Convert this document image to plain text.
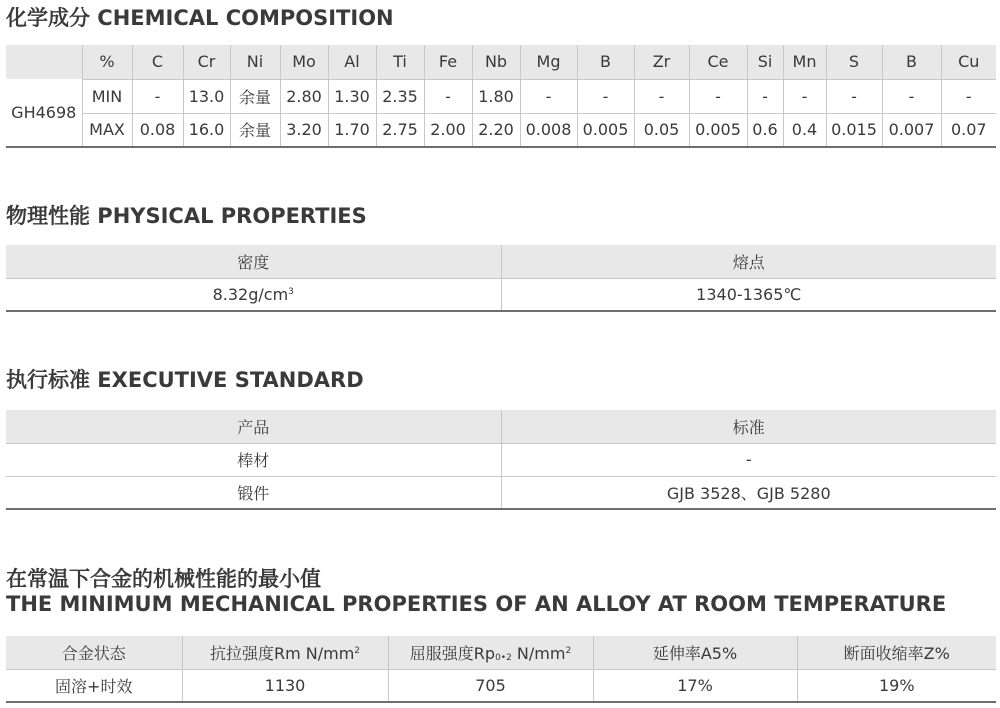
化学成分 CHEMICAL COMPOSITION
	%	C	Cr	Ni	Mo	Al	Ti	Fe	Nb	Mg	B	Zr	Ce	Si	Mn	S	B	Cu
GH4698	MIN	-	13.0	余量	2.80	1.30	2.35	-	1.80	-	-	-	-	-	-	-	-	-
	MAX	0.08	16.0	余量	3.20	1.70	2.75	2.00	2.20	0.008	0.005	0.05	0.005	0.6	0.4	0.015	0.007	0.07
物理性能 PHYSICAL PROPERTIES
密度	熔点
$8.32g/cm^3$	1340-1365℃
执行标准 EXECUTIVE STANDARD
产品	标准
棒材	-
锻件	GJB 3528、GJB 5280
在常温下合金的机械性能的最小值
THE MINIMUM MECHANICAL PROPERTIES OF AN ALLOY AT ROOM TEMPERATURE
合金状态	抗拉强度Rm $N/mm^2$	屈服强度$Rp_{0•2}$ $N/mm^2$	延伸率A5%	断面收缩率Z%
固溶+时效	1130	705	17%	19%
